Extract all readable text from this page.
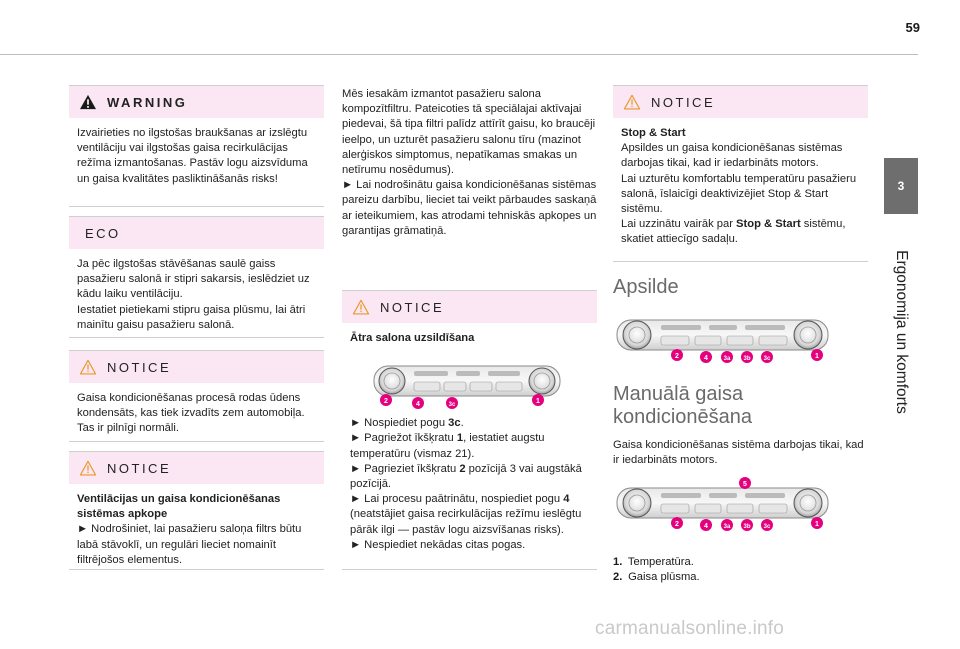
59
3
Ergonomija un komforts
WARNING

Izvairieties no ilgstošas braukšanas ar izslēgtu ventilāciju vai ilgstošas gaisa recirkulācijas režīma izmantošanas. Pastāv logu aizsvīduma un gaisa kvalitātes pasliktināšanās risks!

ECO

Ja pēc ilgstošas stāvēšanas saulē gaiss pasažieru salonā ir stipri sakarsis, ieslēdziet uz kādu laiku ventilāciju.

Iestatiet pietiekami stipru gaisa plūsmu, lai ātri mainītu gaisu pasažieru salonā.

NOTICE

Gaisa kondicionēšanas procesā rodas ūdens kondensāts, kas tiek izvadīts zem automobiļa. Tas ir pilnīgi normāli.

NOTICE

Ventilācijas un gaisa kondicionēšanas sistēmas apkope

► Nodrošiniet, lai pasažieru saloņa filtrs būtu labā stāvoklī, un regulāri lieciet nomainīt filtrējošos elementus.

Mēs iesakām izmantot pasažieru salona kompozītfiltru. Pateicoties tā speciālajai aktīvajai piedevai, šā tipa filtri palīdz attīrīt gaisu, ko braucēji ieelpo, un uzturēt pasažieru salonu tīru (mazinot alerģiskos simptomus, nepatīkamas smakas un netīrumu nosēdumus).

► Lai nodrošinātu gaisa kondicionēšanas sistēmas pareizu darbību, lieciet tai veikt pārbaudes saskaņā ar ieteikumiem, kas atrodami tehniskās apkopes un garantijas grāmatiņā.

NOTICE

Ātra salona uzsildīšana

2	4	3c	1

► Nospiediet pogu 3c.

► Pagriežot īkšķratu 1, iestatiet augstu temperatūru (vismaz 21).

► Pagrieziet īkšķratu 2 pozīcijā 3 vai augstākā pozīcijā.

► Lai procesu paātrinātu, nospiediet pogu 4 (neatstājiet gaisa recirkulācijas režīmu ieslēgtu pārāk ilgi — pastāv logu aizsvīšanas risks).

► Nespiediet nekādas citas pogas.

NOTICE

Stop & Start

Apsildes un gaisa kondicionēšanas sistēmas darbojas tikai, kad ir iedarbināts motors.

Lai uzturētu komfortablu temperatūru pasažieru salonā, īslaicīgi deaktivizējiet Stop & Start sistēmu.

Lai uzzinātu vairāk par Stop & Start sistēmu, skatiet attiecīgo sadaļu.

Apsilde
2	4	3a 3b 3c	1
Manuālā gaisa
kondicionēšana

Gaisa kondicionēšanas sistēma darbojas tikai, kad ir iedarbināts motors.

5
2	4	3a 3b 3c	1
1. Temperatūra.
2. Gaisa plūsma.
carmanualsonline.info
